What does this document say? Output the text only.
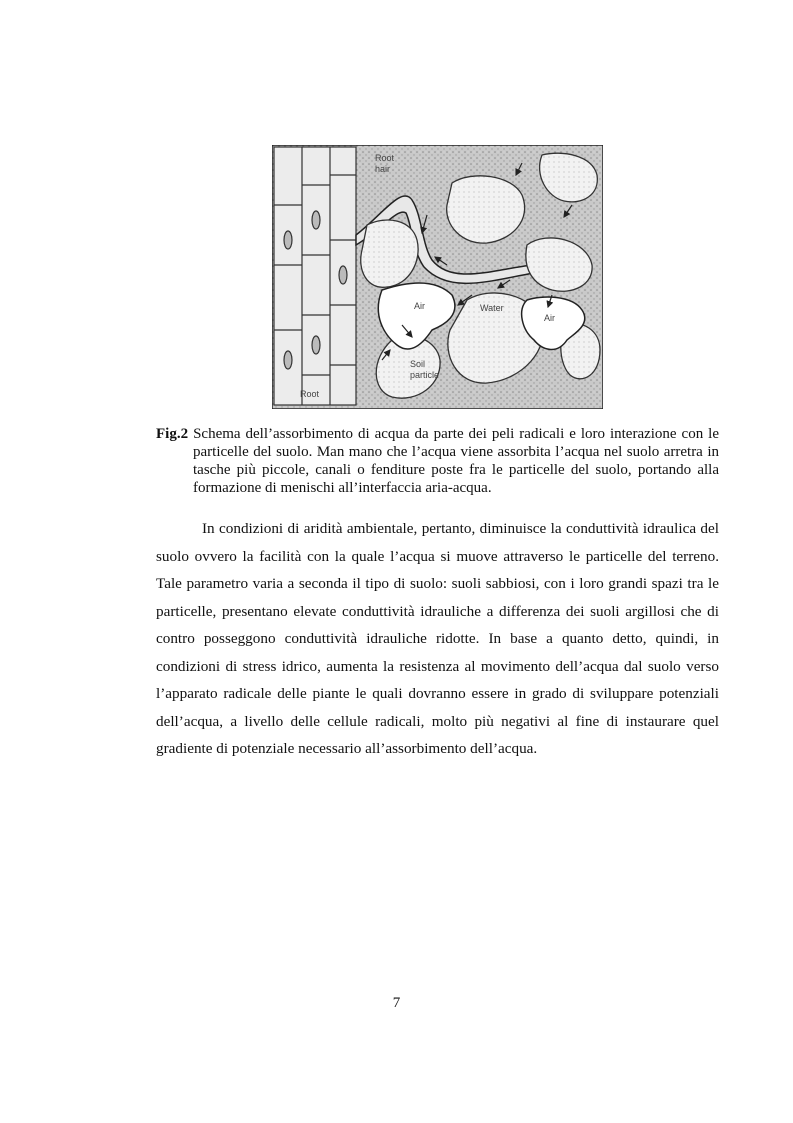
Root
hair
Air
Air
Water
Soil
particle
Root
Fig.2 Schema dell’assorbimento di acqua da parte dei peli radicali e loro interazione con le particelle del suolo. Man mano che l’acqua viene assorbita l’acqua nel suolo arretra in tasche più piccole, canali o fenditure poste fra le particelle del suolo, portando alla formazione di menischi all’interfaccia aria-acqua.

In condizioni di aridità ambientale, pertanto, diminuisce la conduttività idraulica del suolo ovvero la facilità con la quale l’acqua si muove attraverso le particelle del terreno. Tale parametro varia a seconda il tipo di suolo: suoli sabbiosi, con i loro grandi spazi tra le particelle, presentano elevate conduttività idrauliche a differenza dei suoli argillosi che di contro posseggono conduttività idrauliche ridotte. In base a quanto detto, quindi, in condizioni di stress idrico, aumenta la resistenza al movimento dell’acqua dal suolo verso l’apparato radicale delle piante le quali dovranno essere in grado di sviluppare potenziali dell’acqua, a livello delle cellule radicali, molto più negativi al fine di instaurare quel gradiente di potenziale necessario all’assorbimento dell’acqua.

7
